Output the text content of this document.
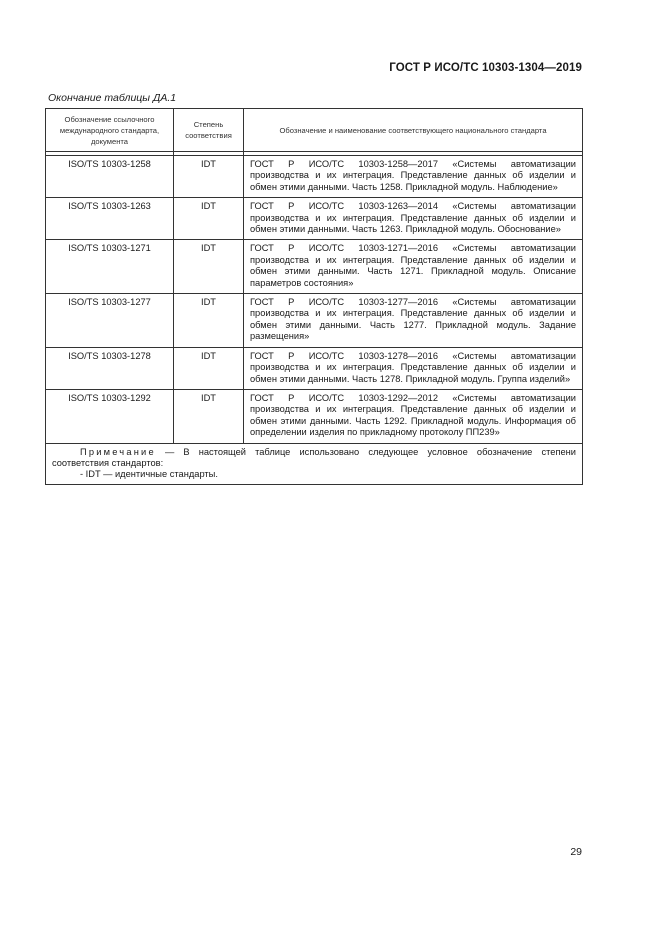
ГОСТ Р ИСО/ТС 10303-1304—2019
Окончание таблицы ДА.1
Обозначение ссылочного международного стандарта, документа	Степень соответствия	Обозначение и наименование соответствующего национального стандарта

ISO/TS 10303-1258	IDT	ГОСТ Р ИСО/ТС 10303-1258—2017 «Системы автоматизации производства и их интеграция. Представление данных об изделии и обмен этими данными. Часть 1258. Прикладной модуль. Наблюдение»
ISO/TS 10303-1263	IDT	ГОСТ Р ИСО/ТС 10303-1263—2014 «Системы автоматизации производства и их интеграция. Представление данных об изделии и обмен этими данными. Часть 1263. Прикладной модуль. Обоснование»
ISO/TS 10303-1271	IDT	ГОСТ Р ИСО/ТС 10303-1271—2016 «Системы автоматизации производства и их интеграция. Представление данных об изделии и обмен этими данными. Часть 1271. Прикладной модуль. Описание параметров состояния»
ISO/TS 10303-1277	IDT	ГОСТ Р ИСО/ТС 10303-1277—2016 «Системы автоматизации производства и их интеграция. Представление данных об изделии и обмен этими данными. Часть 1277. Прикладной модуль. Задание размещения»
ISO/TS 10303-1278	IDT	ГОСТ Р ИСО/ТС 10303-1278—2016 «Системы автоматизации производства и их интеграция. Представление данных об изделии и обмен этими данными. Часть 1278. Прикладной модуль. Группа изделий»
ISO/TS 10303-1292	IDT	ГОСТ Р ИСО/ТС 10303-1292—2012 «Системы автоматизации производства и их интеграция. Представление данных об изделии и обмен этими данными. Часть 1292. Прикладной модуль. Информация об определении изделия по прикладному протоколу ПП239»

Примечание — В настоящей таблице использовано следующее условное обозначение степени соответствия стандартов:
- IDT — идентичные стандарты.		
29
